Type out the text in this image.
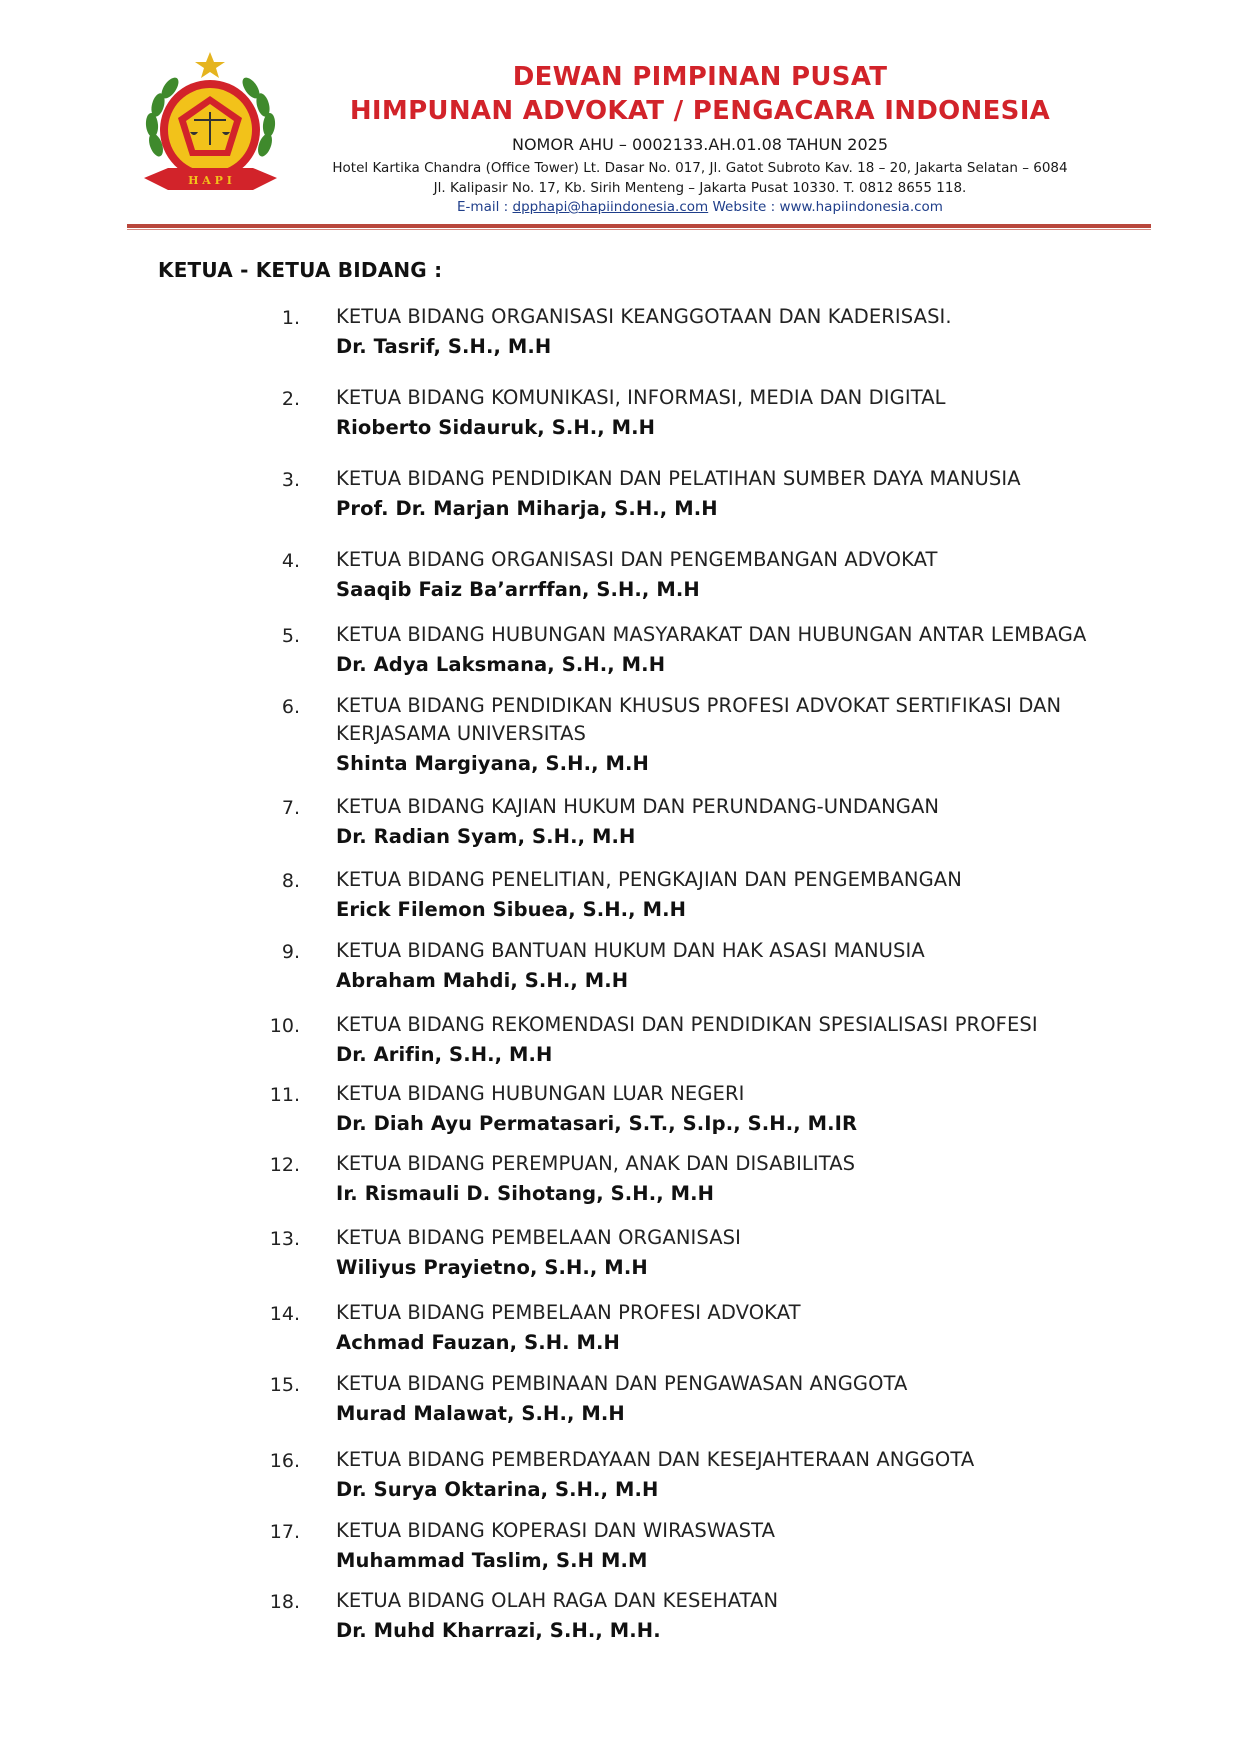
H A P I
DEWAN PIMPINAN PUSAT
HIMPUNAN ADVOKAT / PENGACARA INDONESIA
NOMOR AHU – 0002133.AH.01.08 TAHUN 2025
Hotel Kartika Chandra (Office Tower) Lt. Dasar No. 017, Jl. Gatot Subroto Kav. 18 – 20, Jakarta Selatan – 6084
Jl. Kalipasir No. 17, Kb. Sirih Menteng – Jakarta Pusat 10330. T. 0812 8655 118.
E-mail : dpphapi@hapiindonesia.com Website : www.hapiindonesia.com
KETUA - KETUA BIDANG :
1. KETUA BIDANG ORGANISASI KEANGGOTAAN DAN KADERISASI.
Dr. Tasrif, S.H., M.H
2. KETUA BIDANG KOMUNIKASI, INFORMASI, MEDIA DAN DIGITAL
Rioberto Sidauruk, S.H., M.H
3. KETUA BIDANG PENDIDIKAN DAN PELATIHAN SUMBER DAYA MANUSIA
Prof. Dr. Marjan Miharja, S.H., M.H
4. KETUA BIDANG ORGANISASI DAN PENGEMBANGAN ADVOKAT
Saaqib Faiz Ba’arrffan, S.H., M.H
5. KETUA BIDANG HUBUNGAN MASYARAKAT DAN HUBUNGAN ANTAR LEMBAGA
Dr. Adya Laksmana, S.H., M.H
6. KETUA BIDANG PENDIDIKAN KHUSUS PROFESI ADVOKAT SERTIFIKASI DAN
KERJASAMA UNIVERSITAS
Shinta Margiyana, S.H., M.H
7. KETUA BIDANG KAJIAN HUKUM DAN PERUNDANG-UNDANGAN
Dr. Radian Syam, S.H., M.H
8. KETUA BIDANG PENELITIAN, PENGKAJIAN DAN PENGEMBANGAN
Erick Filemon Sibuea, S.H., M.H
9. KETUA BIDANG BANTUAN HUKUM DAN HAK ASASI MANUSIA
Abraham Mahdi, S.H., M.H
10. KETUA BIDANG REKOMENDASI DAN PENDIDIKAN SPESIALISASI PROFESI
Dr. Arifin, S.H., M.H
11. KETUA BIDANG HUBUNGAN LUAR NEGERI
Dr. Diah Ayu Permatasari, S.T., S.Ip., S.H., M.IR
12. KETUA BIDANG PEREMPUAN, ANAK DAN DISABILITAS
Ir. Rismauli D. Sihotang, S.H., M.H
13. KETUA BIDANG PEMBELAAN ORGANISASI
Wiliyus Prayietno, S.H., M.H
14. KETUA BIDANG PEMBELAAN PROFESI ADVOKAT
Achmad Fauzan, S.H. M.H
15. KETUA BIDANG PEMBINAAN DAN PENGAWASAN ANGGOTA
Murad Malawat, S.H., M.H
16. KETUA BIDANG PEMBERDAYAAN DAN KESEJAHTERAAN ANGGOTA
Dr. Surya Oktarina, S.H., M.H
17. KETUA BIDANG KOPERASI DAN WIRASWASTA
Muhammad Taslim, S.H M.M
18. KETUA BIDANG OLAH RAGA DAN KESEHATAN
Dr. Muhd Kharrazi, S.H., M.H.
